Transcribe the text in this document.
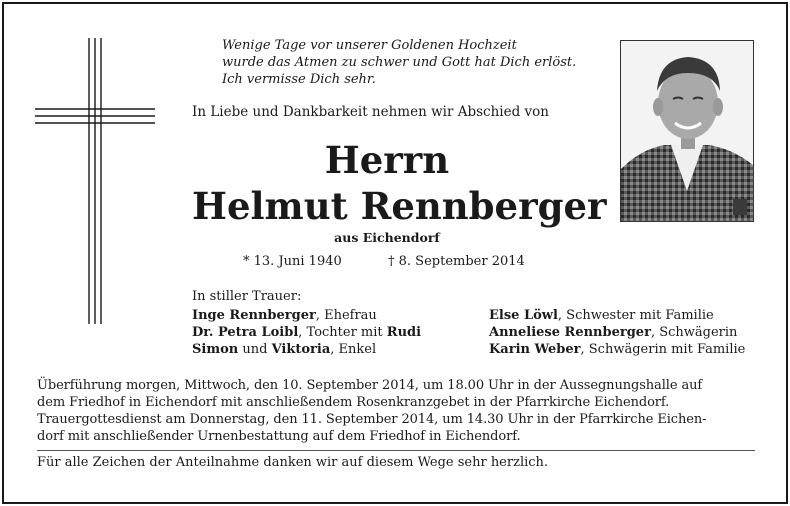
Wenige Tage vor unserer Goldenen Hochzeit
wurde das Atmen zu schwer und Gott hat Dich erlöst.
Ich vermisse Dich sehr.
In Liebe und Dankbarkeit nehmen wir Abschied von
Herrn
Helmut Rennberger
aus Eichendorf
* 13. Juni 1940	† 8. September 2014
In stiller Trauer:
Inge Rennberger, Ehefrau
Dr. Petra Loibl, Tochter mit Rudi
Simon und Viktoria, Enkel
Else Löwl, Schwester mit Familie
Anneliese Rennberger, Schwägerin
Karin Weber, Schwägerin mit Familie
Überführung morgen, Mittwoch, den 10. September 2014, um 18.00 Uhr in der Aussegnungshalle auf
dem Friedhof in Eichendorf mit anschließendem Rosenkranzgebet in der Pfarrkirche Eichendorf.
Trauergottesdienst am Donnerstag, den 11. September 2014, um 14.30 Uhr in der Pfarrkirche Eichen-
dorf mit anschließender Urnenbestattung auf dem Friedhof in Eichendorf.
Für alle Zeichen der Anteilnahme danken wir auf diesem Wege sehr herzlich.
